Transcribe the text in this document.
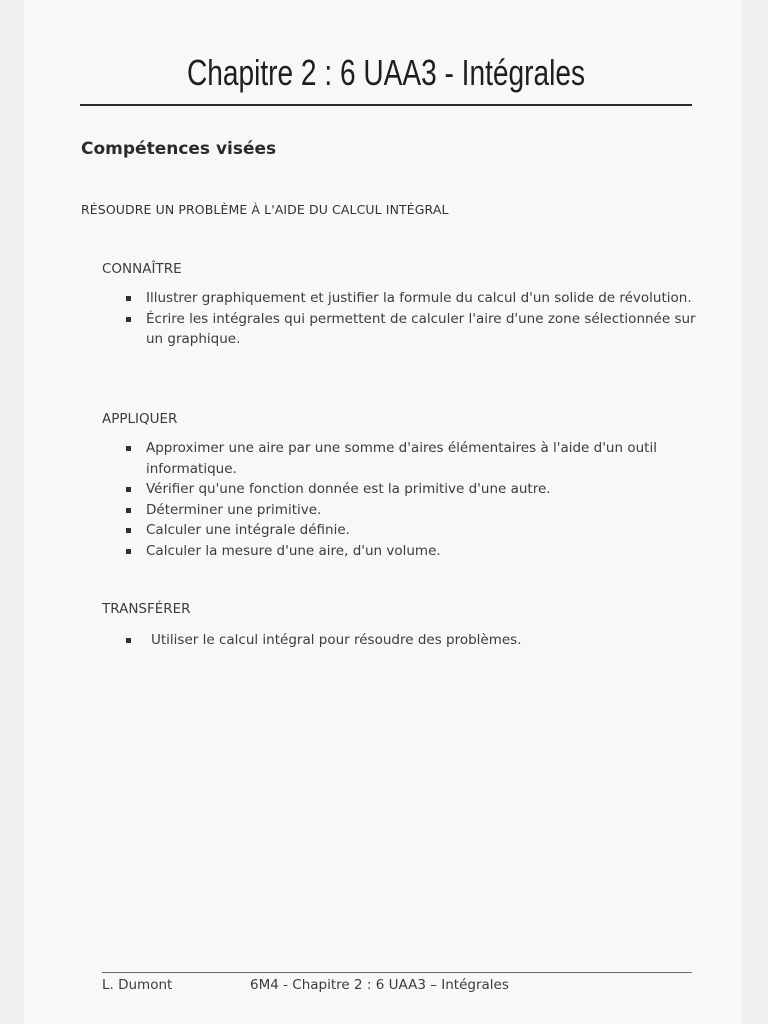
Chapitre 2 : 6 UAA3 - Intégrales
Compétences visées
RÉSOUDRE UN PROBLÈME À L'AIDE DU CALCUL INTÉGRAL
CONNAÎTRE
Illustrer graphiquement et justifier la formule du calcul d'un solide de révolution.
Écrire les intégrales qui permettent de calculer l'aire d'une zone sélectionnée sur un graphique.
APPLIQUER
Approximer une aire par une somme d'aires élémentaires à l'aide d'un outil informatique.
Vérifier qu'une fonction donnée est la primitive d'une autre.
Déterminer une primitive.
Calculer une intégrale définie.
Calculer la mesure d'une aire, d'un volume.
TRANSFÉRER
Utiliser le calcul intégral pour résoudre des problèmes.
L. Dumont	6M4 - Chapitre 2 : 6 UAA3 – Intégrales
